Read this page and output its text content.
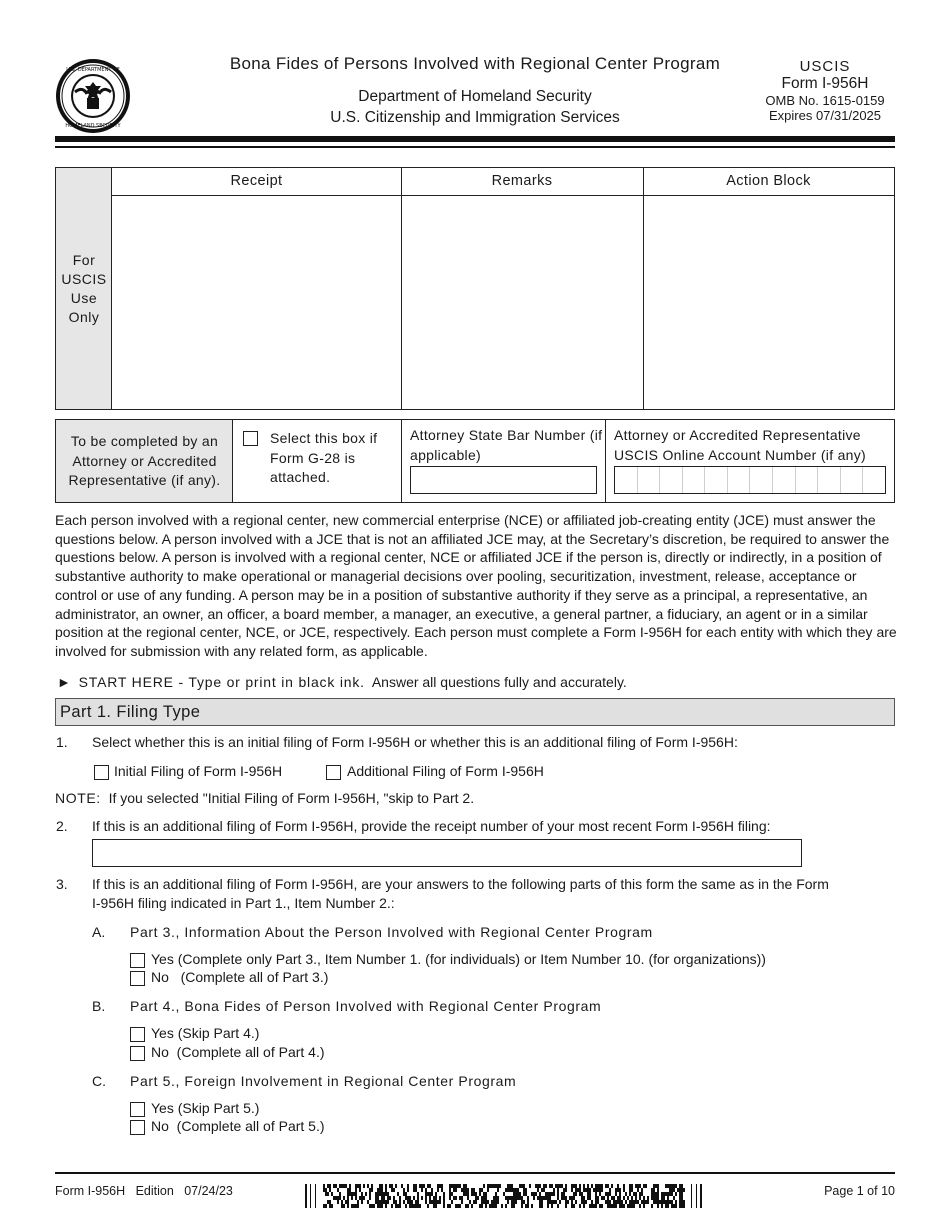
U.S. DEPARTMENT OF
HOMELAND SECURITY
Bona Fides of Persons Involved with Regional Center Program
Department of Homeland Security
U.S. Citizenship and Immigration Services
USCIS
Form I-956H
OMB No. 1615-0159
Expires 07/31/2025
For
USCIS
Use
Only
Receipt	Remarks	Action Block
To be completed by an Attorney or Accredited Representative (if any).
Select this box if Form G-28 is attached.
Attorney State Bar Number (if applicable)
Attorney or Accredited Representative USCIS Online Account Number (if any)
Each person involved with a regional center, new commercial enterprise (NCE) or affiliated job-creating entity (JCE) must answer the questions below. A person involved with a JCE that is not an affiliated JCE may, at the Secretary’s discretion, be required to answer the questions below. A person is involved with a regional center, NCE or affiliated JCE if the person is, directly or indirectly, in a position of substantive authority to make operational or managerial decisions over pooling, securitization, investment, release, acceptance or control or use of any funding. A person may be in a position of substantive authority if they serve as a principal, a representative, an administrator, an owner, an officer, a board member, a manager, an executive, a general partner, a fiduciary, an agent or in a similar position at the regional center, NCE, or JCE, respectively. Each person must complete a Form I-956H for each entity with which they are involved for submission with any related form, as applicable.
► START HERE - Type or print in black ink. Answer all questions fully and accurately.
Part 1. Filing Type
1. Select whether this is an initial filing of Form I-956H or whether this is an additional filing of Form I-956H:
Initial Filing of Form I-956H	Additional Filing of Form I-956H
NOTE: If you selected "Initial Filing of Form I-956H, "skip to Part 2.
2. If this is an additional filing of Form I-956H, provide the receipt number of your most recent Form I-956H filing:
3. If this is an additional filing of Form I-956H, are your answers to the following parts of this form the same as in the Form
I-956H filing indicated in Part 1., Item Number 2.:
A. Part 3., Information About the Person Involved with Regional Center Program
Yes (Complete only Part 3., Item Number 1. (for individuals) or Item Number 10. (for organizations))
No   (Complete all of Part 3.)
B. Part 4., Bona Fides of Person Involved with Regional Center Program
Yes (Skip Part 4.)
No  (Complete all of Part 4.)
C. Part 5., Foreign Involvement in Regional Center Program
Yes (Skip Part 5.)
No  (Complete all of Part 5.)
Form I-956H   Edition   07/24/23	Page 1 of 10
